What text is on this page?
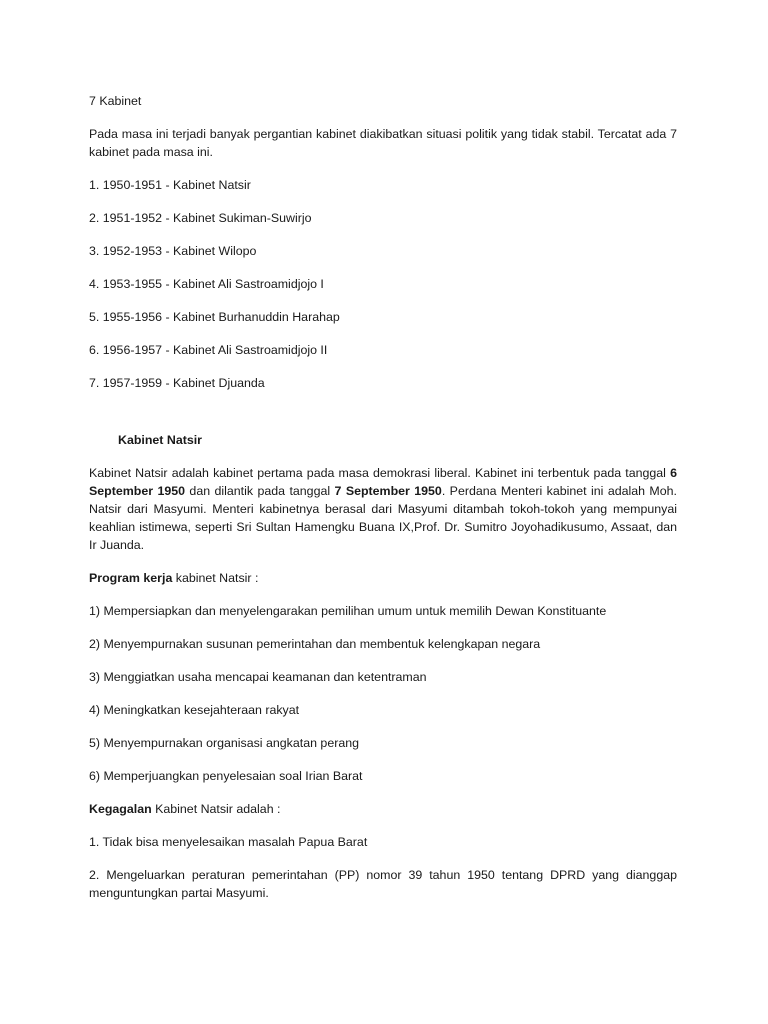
7 Kabinet

Pada masa ini terjadi banyak pergantian kabinet diakibatkan situasi politik yang tidak stabil. Tercatat ada 7 kabinet pada masa ini.

1. 1950-1951 - Kabinet Natsir

2. 1951-1952 - Kabinet Sukiman-Suwirjo

3. 1952-1953 - Kabinet Wilopo

4. 1953-1955 - Kabinet Ali Sastroamidjojo I

5. 1955-1956 - Kabinet Burhanuddin Harahap

6. 1956-1957 - Kabinet Ali Sastroamidjojo II

7. 1957-1959 - Kabinet Djuanda

Kabinet Natsir

Kabinet Natsir adalah kabinet pertama pada masa demokrasi liberal. Kabinet ini terbentuk pada tanggal 6 September 1950 dan dilantik pada tanggal 7 September 1950. Perdana Menteri kabinet ini adalah Moh. Natsir dari Masyumi. Menteri kabinetnya berasal dari Masyumi ditambah tokoh-tokoh yang mempunyai keahlian istimewa, seperti Sri Sultan Hamengku Buana IX,Prof. Dr. Sumitro Joyohadikusumo, Assaat, dan Ir Juanda.

Program kerja kabinet Natsir :

1) Mempersiapkan dan menyelengarakan pemilihan umum untuk memilih Dewan Konstituante

2) Menyempurnakan susunan pemerintahan dan membentuk kelengkapan negara

3) Menggiatkan usaha mencapai keamanan dan ketentraman

4) Meningkatkan kesejahteraan rakyat

5) Menyempurnakan organisasi angkatan perang

6) Memperjuangkan penyelesaian soal Irian Barat

Kegagalan Kabinet Natsir adalah :

1. Tidak bisa menyelesaikan masalah Papua Barat

2. Mengeluarkan peraturan pemerintahan (PP) nomor 39 tahun 1950 tentang DPRD yang dianggap menguntungkan partai Masyumi.
